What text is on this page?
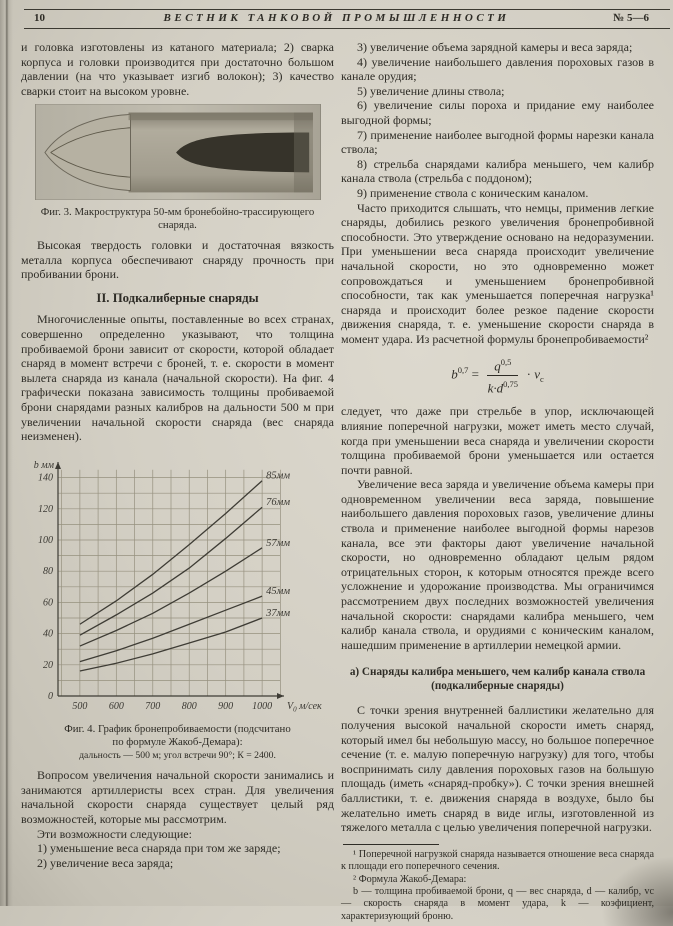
10	ВЕСТНИК ТАНКОВОЙ ПРОМЫШЛЕННОСТИ	№ 5—6

и головка изготовлены из катаного материала; 2) сварка корпуса и головки производится при достаточно большом давлении (на что указывает изгиб волокон); 3) качество сварки стоит на высоком уровне.

Фиг. 3. Макроструктура 50-мм бронебойно-трассирующего
снаряда.

Высокая твердость головки и достаточная вязкость металла корпуса обеспечивают снаряду прочность при пробивании брони.

II. Подкалиберные снаряды

Многочисленные опыты, поставленные во всех странах, совершенно определенно указывают, что толщина пробиваемой брони зависит от скорости, которой обладает снаряд в момент встречи с броней, т. е. скорости в момент вылета снаряда из канала (начальной скорости). На фиг. 4 графически показана зависимость толщины пробиваемой брони снарядами разных калибров на дальности 500 м при увеличении начальной скорости снаряда (вес снаряда неизменен).

500 600 700 800 900 1000
0
20
40
60
80
100
120
140
b мм
$V_0$ м/сек
85мм
76мм
57мм
45мм
37мм
Фиг. 4. График бронепробиваемости (подсчитано
по формуле Жакоб-Демара):
дальность — 500 м; угол встречи 90°; К = 2400.

Вопросом увеличения начальной скорости занимались и занимаются артиллеристы всех стран. Для увеличения начальной скорости снаряда существует целый ряд возможностей, которые мы рассмотрим.

Эти возможности следующие:

1) уменьшение веса снаряда при том же заряде;

2) увеличение веса заряда;

3) увеличение объема зарядной камеры и веса заряда;

4) увеличение наибольшего давления пороховых газов в канале орудия;

5) увеличение длины ствола;

6) увеличение силы пороха и придание ему наиболее выгодной формы;

7) применение наиболее выгодной формы нарезки канала ствола;

8) стрельба снарядами калибра меньшего, чем калибр канала ствола (стрельба с поддоном);

9) применение ствола с коническим каналом.

Часто приходится слышать, что немцы, применив легкие снаряды, добились резкого увеличения бронепробивной способности. Это утверждение основано на недоразумении. При уменьшении веса снаряда происходит увеличение начальной скорости, но это одновременно может сопровождаться и уменьшением бронепробивной способности, так как уменьшается поперечная нагрузка¹ снаряда и происходит более резкое падение скорости движения снаряда, т. е. уменьшение скорости снаряда в момент удара. Из расчетной формулы бронепробиваемости²

$b^{0,7} = \frac{q^{0,5}}{k\cdot d^{0,75}} \cdot v_c$

следует, что даже при стрельбе в упор, исключающей влияние поперечной нагрузки, может иметь место случай, когда при уменьшении веса снаряда и увеличении скорости толщина пробиваемой брони уменьшается или остается почти равной.

Увеличение веса заряда и увеличение объема камеры при одновременном увеличении веса заряда, повышение наибольшего давления пороховых газов, увеличение длины ствола и применение наиболее выгодной формы нарезов канала, все эти факторы дают увеличение начальной скорости, но одновременно обладают целым рядом отрицательных сторон, к которым относятся прежде всего усложнение и удорожание производства. Мы ограничимся рассмотрением двух последних возможностей увеличения начальной скорости: снарядами калибра меньшего, чем калибр канала ствола, и орудиями с коническим каналом, нашедшим применение в артиллерии немецкой армии.

а) Снаряды калибра меньшего, чем калибр канала ствола
(подкалиберные снаряды)

С точки зрения внутренней баллистики желательно для получения высокой начальной скорости иметь снаряд, который имел бы небольшую массу, но большое поперечное сечение (т. е. малую поперечную нагрузку) для того, чтобы воспринимать силу давления пороховых газов на большую площадь (иметь «снаряд-пробку»). С точки зрения внешней баллистики, т. е. движения снаряда в воздухе, было бы желательно иметь снаряд в виде иглы, изготовленной из тяжелого металла с целью увеличения поперечной нагрузки.

¹ Поперечной нагрузкой снаряда называется отношение веса снаряда к площади его поперечного сечения.

² Формула Жакоб-Демара:

b — толщина пробиваемой брони, q — вес снаряда, d — калибр, vc — скорость снаряда в момент удара, k — коэфициент, характеризующий броню.
